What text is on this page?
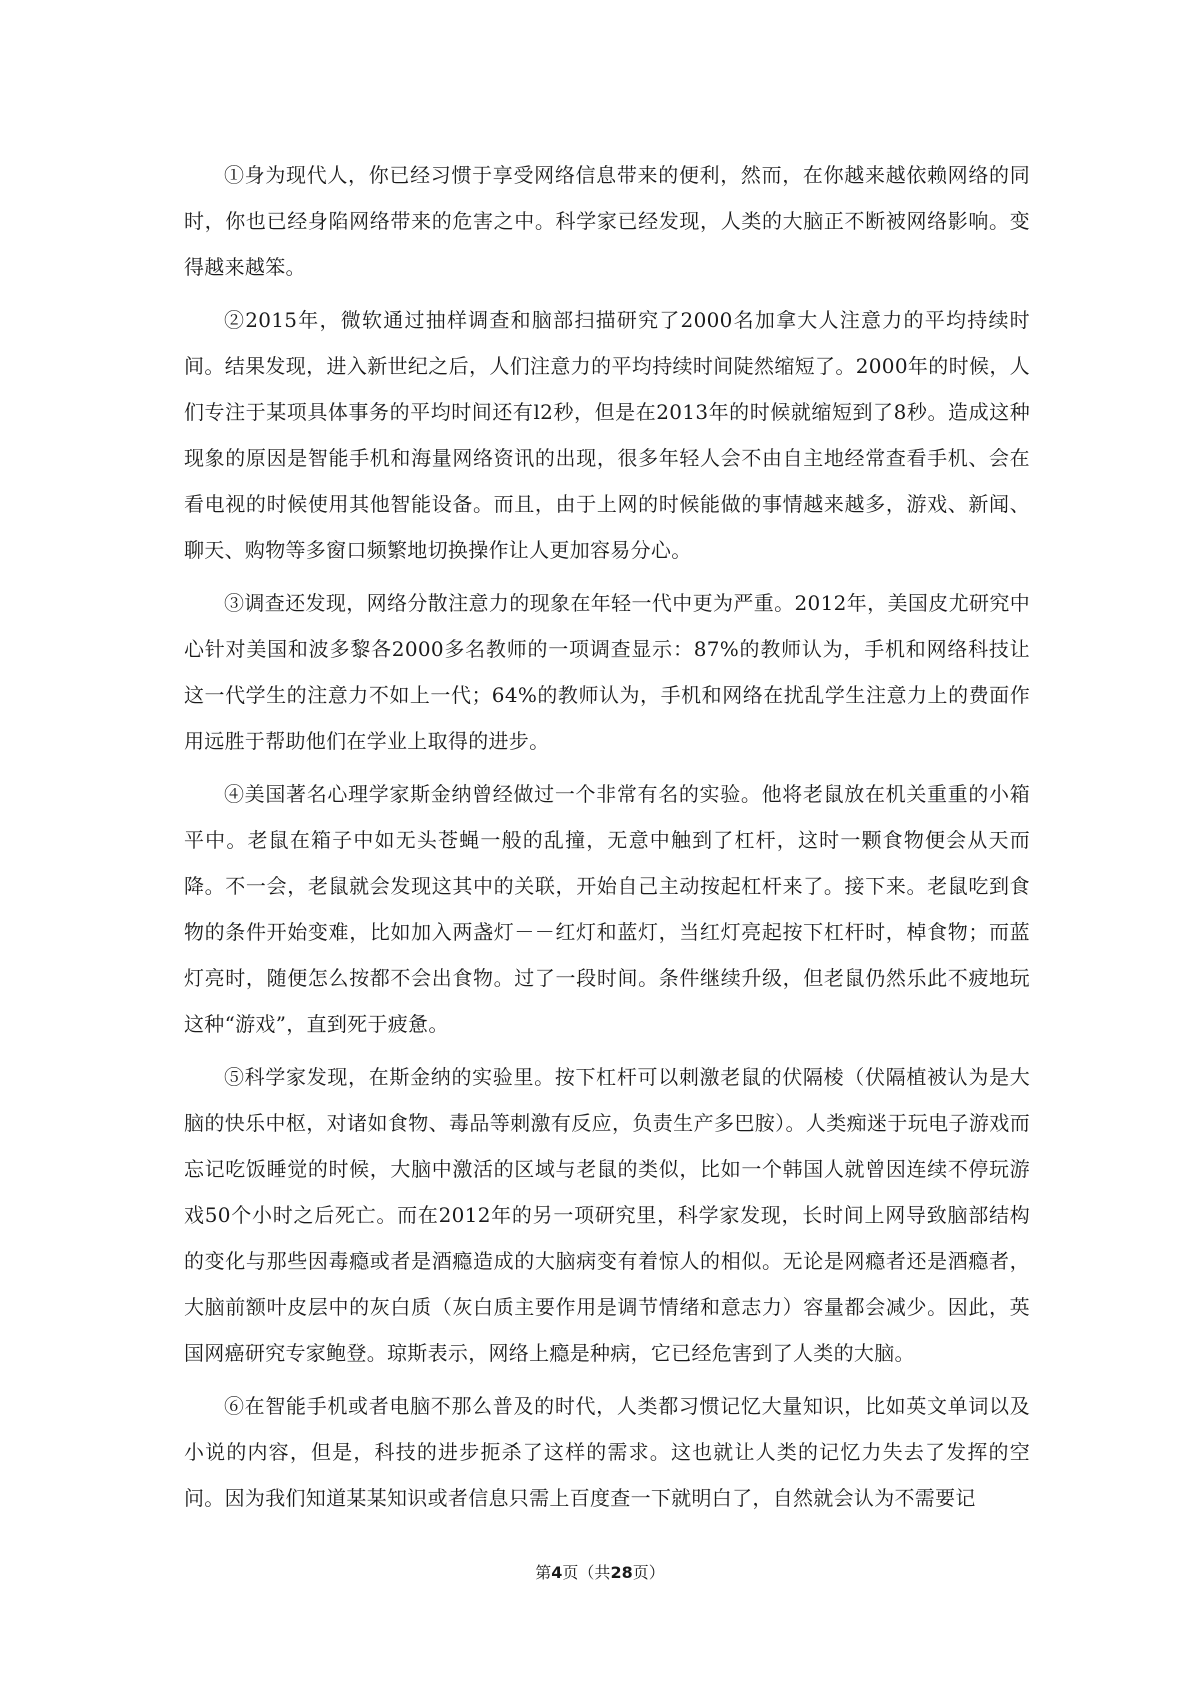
①身为现代人，你已经习惯于享受网络信息带来的便利，然而，在你越来越依赖网络的同时，你也已经身陷网络带来的危害之中。科学家已经发现，人类的大脑正不断被网络影响。变得越来越笨。

②2015年，微软通过抽样调查和脑部扫描研究了2000名加拿大人注意力的平均持续时间。结果发现，进入新世纪之后，人们注意力的平均持续时间陡然缩短了。2000年的时候，人们专注于某项具体事务的平均时间还有l2秒，但是在2013年的时候就缩短到了8秒。造成这种现象的原因是智能手机和海量网络资讯的出现，很多年轻人会不由自主地经常查看手机、会在看电视的时候使用其他智能设备。而且，由于上网的时候能做的事情越来越多，游戏、新闻、聊天、购物等多窗口频繁地切换操作让人更加容易分心。

③调查还发现，网络分散注意力的现象在年轻一代中更为严重。2012年，美国皮尤研究中心针对美国和波多黎各2000多名教师的一项调查显示：87%的教师认为，手机和网络科技让这一代学生的注意力不如上一代；64%的教师认为，手机和网络在扰乱学生注意力上的费面作用远胜于帮助他们在学业上取得的进步。

④美国著名心理学家斯金纳曾经做过一个非常有名的实验。他将老鼠放在机关重重的小箱平中。老鼠在箱子中如无头苍蝇一般的乱撞，无意中触到了杠杆，这时一颗食物便会从天而降。不一会，老鼠就会发现这其中的关联，开始自己主动按起杠杆来了。接下来。老鼠吃到食物的条件开始变难，比如加入两盏灯－－红灯和蓝灯，当红灯亮起按下杠杆时，棹食物；而蓝灯亮时，随便怎么按都不会出食物。过了一段时间。条件继续升级，但老鼠仍然乐此不疲地玩这种“游戏”，直到死于疲惫。

⑤科学家发现，在斯金纳的实验里。按下杠杆可以刺激老鼠的伏隔棱（伏隔植被认为是大脑的快乐中枢，对诸如食物、毒品等刺激有反应，负责生产多巴胺）。人类痴迷于玩电子游戏而忘记吃饭睡觉的时候，大脑中激活的区域与老鼠的类似，比如一个韩国人就曾因连续不停玩游戏50个小时之后死亡。而在2012年的另一项研究里，科学家发现，长时间上网导致脑部结构的变化与那些因毒瘾或者是酒瘾造成的大脑病变有着惊人的相似。无论是网瘾者还是酒瘾者，大脑前额叶皮层中的灰白质（灰白质主要作用是调节情绪和意志力）容量都会减少。因此，英国网癌研究专家鲍登。琼斯表示，网络上瘾是种病，它已经危害到了人类的大脑。

⑥在智能手机或者电脑不那么普及的时代，人类都习惯记忆大量知识，比如英文单词以及小说的内容，但是，科技的进步扼杀了这样的需求。这也就让人类的记忆力失去了发挥的空问。因为我们知道某某知识或者信息只需上百度查一下就明白了，自然就会认为不需要记

第4页（共28页）
